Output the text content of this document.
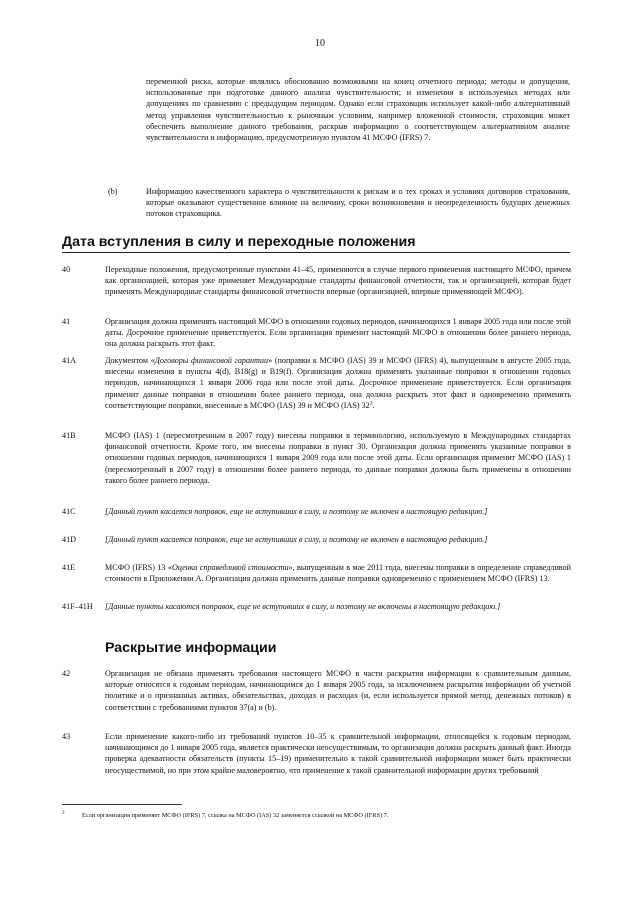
10
переменной риска, которые являлись обоснованно возможными на конец отчетного периода; методы и допущения, использованные при подготовке данного анализа чувствительности; и изменения в используемых методах или допущениях по сравнению с предыдущим периодом. Однако если страховщик использует какой-либо альтернативный метод управления чувствительностью к рыночным условиям, например вложенной стоимости, страховщик может обеспечить выполнение данного требования, раскрыв информацию о соответствующем альтернативном анализе чувствительности и информацию, предусмотренную пунктом 41 МСФО (IFRS) 7.
(b)	Информацию качественного характера о чувствительности к рискам и о тех сроках и условиях договоров страхования, которые оказывают существенное влияние на величину, сроки возникновения и неопределенность будущих денежных потоков страховщика.
Дата вступления в силу и переходные положения
40	Переходные положения, предусмотренные пунктами 41–45, применяются в случае первого применения настоящего МСФО, причем как организацией, которая уже применяет Международные стандарты финансовой отчетности, так и организацией, которая будет применять Международные стандарты финансовой отчетности впервые (организацией, впервые применяющей МСФО).
41	Организация должна применять настоящий МСФО в отношении годовых периодов, начинающихся 1 января 2005 года или после этой даты. Досрочное применение приветствуется. Если организация применит настоящий МСФО в отношении более раннего периода, она должна раскрыть этот факт.
41A	Документом «Договоры финансовой гарантии» (поправки к МСФО (IAS) 39 и МСФО (IFRS) 4), выпущенным в августе 2005 года, внесены изменения в пункты 4(d), B18(g) и B19(f). Организация должна применять указанные поправки в отношении годовых периодов, начинающихся 1 января 2006 года или после этой даты. Досрочное применение приветствуется. Если организация применит данные поправки в отношении более раннего периода, она должна раскрыть этот факт и одновременно применить соответствующие поправки, внесенные в МСФО (IAS) 39 и МСФО (IAS) $32^3$.
41B	МСФО (IAS) 1 (пересмотренным в 2007 году) внесены поправки в терминологию, используемую в Международных стандартах финансовой отчетности. Кроме того, им внесены поправки в пункт 30. Организация должна применять указанные поправки в отношении годовых периодов, начинающихся 1 января 2009 года или после этой даты. Если организация применит МСФО (IAS) 1 (пересмотренный в 2007 году) в отношении более раннего периода, то данные поправки должны быть применены в отношении такого более раннего периода.
41C	[Данный пункт касается поправок, еще не вступивших в силу, и поэтому не включен в настоящую редакцию.]
41D	[Данный пункт касается поправок, еще не вступивших в силу, и поэтому не включен в настоящую редакцию.]
41E	МСФО (IFRS) 13 «Оценка справедливой стоимости», выпущенным в мае 2011 года, внесены поправки в определение справедливой стоимости в Приложении А. Организация должна применить данные поправки одновременно с применением МСФО (IFRS) 13.
41F–41H [Данные пункты касаются поправок, еще не вступивших в силу, и поэтому не включены в настоящую редакцию.]
Раскрытие информации
42	Организация не обязана применять требования настоящего МСФО в части раскрытия информации к сравнительным данным, которые относятся к годовым периодам, начинающимся до 1 января 2005 года, за исключением раскрытия информации об учетной политике и о признанных активах, обязательствах, доходах и расходах (и, если используется прямой метод, денежных потоков) в соответствии с требованиями пунктов 37(a) и (b).
43	Если применение какого-либо из требований пунктов 10–35 к сравнительной информации, относящейся к годовым периодам, начинающимся до 1 января 2005 года, является практически неосуществимым, то организация должна раскрыть данный факт. Иногда проверка адекватности обязательств (пункты 15–19) применительно к такой сравнительной информации может быть практически неосуществимой, но при этом крайне маловероятно, что применение к такой сравнительной информации других требований
3	Если организация применяет МСФО (IFRS) 7, ссылка на МСФО (IAS) 32 заменяется ссылкой на МСФО (IFRS) 7.
